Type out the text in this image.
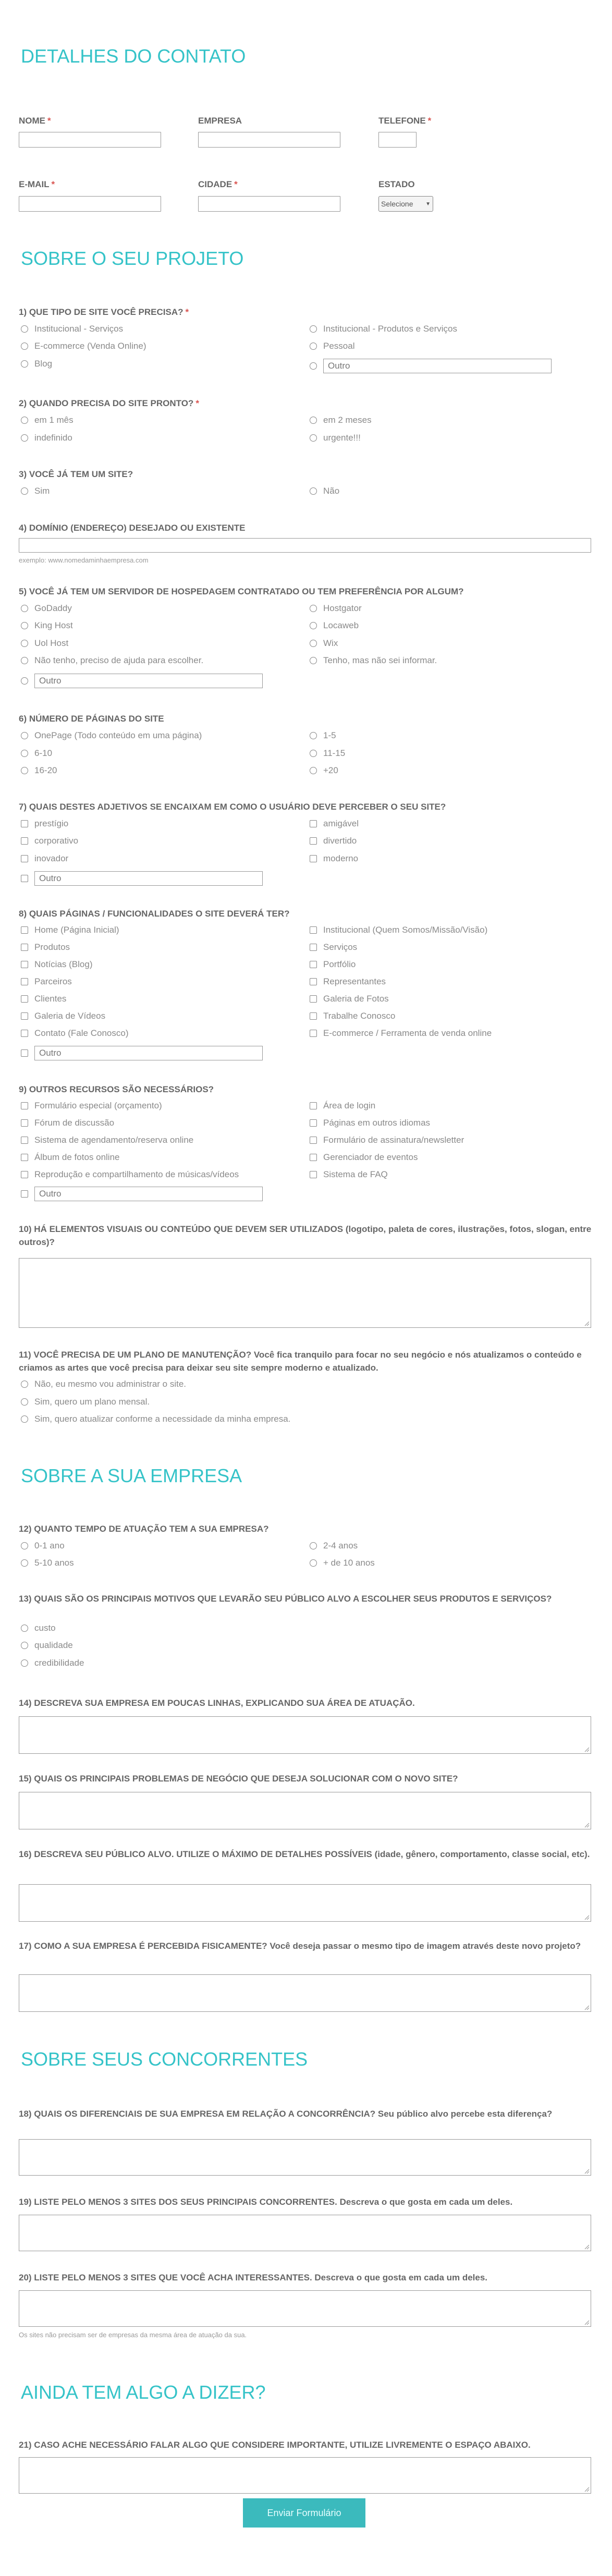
DETALHES DO CONTATO
NOME *	EMPRESA	TELEFONE *
E-MAIL *	CIDADE *	ESTADO
Selecione ▼
SOBRE O SEU PROJETO
1) QUE TIPO DE SITE VOCÊ PRECISA? *
Institucional - Serviços	Institucional - Produtos e Serviços
E-commerce (Venda Online)	Pessoal
Blog	Outro
2) QUANDO PRECISA DO SITE PRONTO? *
em 1 mês	em 2 meses
indefinido	urgente!!!
3) VOCÊ JÁ TEM UM SITE?
Sim	Não
4) DOMÍNIO (ENDEREÇO) DESEJADO OU EXISTENTE
exemplo: www.nomedaminhaempresa.com
5) VOCÊ JÁ TEM UM SERVIDOR DE HOSPEDAGEM CONTRATADO OU TEM PREFERÊNCIA POR ALGUM?
GoDaddy	Hostgator
King Host	Locaweb
Uol Host	Wix
Não tenho, preciso de ajuda para escolher.	Tenho, mas não sei informar.
Outro
6) NÚMERO DE PÁGINAS DO SITE
OnePage (Todo conteúdo em uma página)	1-5
6-10	11-15
16-20	+20
7) QUAIS DESTES ADJETIVOS SE ENCAIXAM EM COMO O USUÁRIO DEVE PERCEBER O SEU SITE?
prestígio	amigável
corporativo	divertido
inovador	moderno
Outro
8) QUAIS PÁGINAS / FUNCIONALIDADES O SITE DEVERÁ TER?
Home (Página Inicial)	Institucional (Quem Somos/Missão/Visão)
Produtos	Serviços
Notícias (Blog)	Portfólio
Parceiros	Representantes
Clientes	Galeria de Fotos
Galeria de Vídeos	Trabalhe Conosco
Contato (Fale Conosco)	E-commerce / Ferramenta de venda online
Outro
9) OUTROS RECURSOS SÃO NECESSÁRIOS?
Formulário especial (orçamento)	Área de login
Fórum de discussão	Páginas em outros idiomas
Sistema de agendamento/reserva online	Formulário de assinatura/newsletter
Álbum de fotos online	Gerenciador de eventos
Reprodução e compartilhamento de músicas/vídeos	Sistema de FAQ
Outro
10) HÁ ELEMENTOS VISUAIS OU CONTEÚDO QUE DEVEM SER UTILIZADOS (logotipo, paleta de cores, ilustrações, fotos, slogan, entre outros)?
11) VOCÊ PRECISA DE UM PLANO DE MANUTENÇÃO? Você fica tranquilo para focar no seu negócio e nós atualizamos o conteúdo e criamos as artes que você precisa para deixar seu site sempre moderno e atualizado.
Não, eu mesmo vou administrar o site.
Sim, quero um plano mensal.
Sim, quero atualizar conforme a necessidade da minha empresa.
SOBRE A SUA EMPRESA
12) QUANTO TEMPO DE ATUAÇÃO TEM A SUA EMPRESA?
0-1 ano	2-4 anos
5-10 anos	+ de 10 anos
13) QUAIS SÃO OS PRINCIPAIS MOTIVOS QUE LEVARÃO SEU PÚBLICO ALVO A ESCOLHER SEUS PRODUTOS E SERVIÇOS?
custo
qualidade
credibilidade
14) DESCREVA SUA EMPRESA EM POUCAS LINHAS, EXPLICANDO SUA ÁREA DE ATUAÇÃO.
15) QUAIS OS PRINCIPAIS PROBLEMAS DE NEGÓCIO QUE DESEJA SOLUCIONAR COM O NOVO SITE?
16) DESCREVA SEU PÚBLICO ALVO. UTILIZE O MÁXIMO DE DETALHES POSSÍVEIS (idade, gênero, comportamento, classe social, etc).
17) COMO A SUA EMPRESA É PERCEBIDA FISICAMENTE? Você deseja passar o mesmo tipo de imagem através deste novo projeto?
SOBRE SEUS CONCORRENTES
18) QUAIS OS DIFERENCIAIS DE SUA EMPRESA EM RELAÇÃO A CONCORRÊNCIA? Seu público alvo percebe esta diferença?
19) LISTE PELO MENOS 3 SITES DOS SEUS PRINCIPAIS CONCORRENTES. Descreva o que gosta em cada um deles.
20) LISTE PELO MENOS 3 SITES QUE VOCÊ ACHA INTERESSANTES. Descreva o que gosta em cada um deles.
Os sites não precisam ser de empresas da mesma área de atuação da sua.
AINDA TEM ALGO A DIZER?
21) CASO ACHE NECESSÁRIO FALAR ALGO QUE CONSIDERE IMPORTANTE, UTILIZE LIVREMENTE O ESPAÇO ABAIXO.
Enviar Formulário
